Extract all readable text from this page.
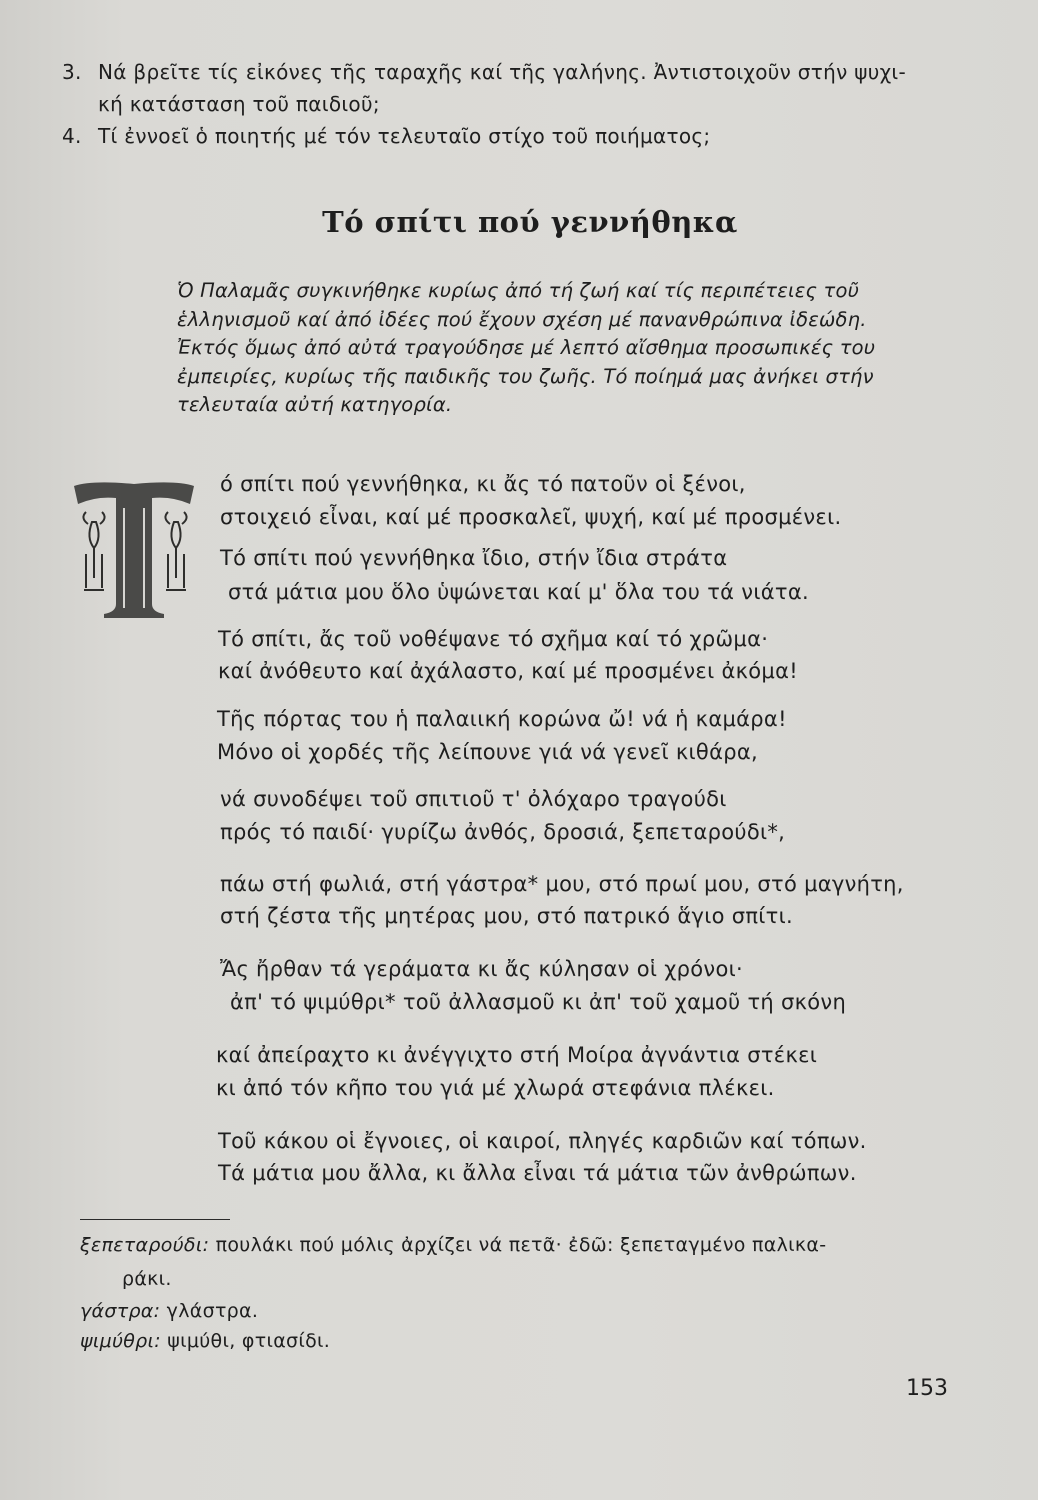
3. Νά βρεῖτε τίς εἰκόνες τῆς ταραχῆς καί τῆς γαλήνης. Ἀντιστοιχοῦν στήν ψυχι-
κή κατάσταση τοῦ παιδιοῦ;
4. Τί ἐννοεῖ ὁ ποιητής μέ τόν τελευταῖο στίχο τοῦ ποιήματος;
Τό σπίτι πού γεννήθηκα

Ὁ Παλαμᾶς συγκινήθηκε κυρίως ἀπό τή ζωή καί τίς περιπέτειες τοῦ

ἑλληνισμοῦ καί ἀπό ἰδέες πού ἔχουν σχέση μέ πανανθρώπινα ἰδεώδη.

Ἐκτός ὅμως ἀπό αὐτά τραγούδησε μέ λεπτό αἴσθημα προσωπικές του

ἐμπειρίες, κυρίως τῆς παιδικῆς του ζωῆς. Τό ποίημά μας ἀνήκει στήν

τελευταία αὐτή κατηγορία.

ό σπίτι πού γεννήθηκα, κι ἄς τό πατοῦν οἱ ξένοι,
στοιχειό εἶναι, καί μέ προσκαλεῖ, ψυχή, καί μέ προσμένει.
Τό σπίτι πού γεννήθηκα ἴδιο, στήν ἴδια στράτα
στά μάτια μου ὅλο ὑψώνεται καί μ' ὅλα του τά νιάτα.
Τό σπίτι, ἄς τοῦ νοθέψανε τό σχῆμα καί τό χρῶμα·
καί ἀνόθευτο καί ἀχάλαστο, καί μέ προσμένει ἀκόμα!
Τῆς πόρτας του ἡ παλαιική κορώνα ὤ! νά ἡ καμάρα!
Μόνο οἱ χορδές τῆς λείπουνε γιά νά γενεῖ κιθάρα,
νά συνοδέψει τοῦ σπιτιοῦ τ' ὀλόχαρο τραγούδι
πρός τό παιδί· γυρίζω ἀνθός, δροσιά, ξεπεταρούδι*,
πάω στή φωλιά, στή γάστρα* μου, στό πρωί μου, στό μαγνήτη,
στή ζέστα τῆς μητέρας μου, στό πατρικό ἅγιο σπίτι.
Ἄς ἤρθαν τά γεράματα κι ἄς κύλησαν οἱ χρόνοι·
ἀπ' τό ψιμύθρι* τοῦ ἀλλασμοῦ κι ἀπ' τοῦ χαμοῦ τή σκόνη
καί ἀπείραχτο κι ἀνέγγιχτο στή Μοίρα ἀγνάντια στέκει
κι ἀπό τόν κῆπο του γιά μέ χλωρά στεφάνια πλέκει.
Τοῦ κάκου οἱ ἔγνοιες, οἱ καιροί, πληγές καρδιῶν καί τόπων.
Τά μάτια μου ἄλλα, κι ἄλλα εἶναι τά μάτια τῶν ἀνθρώπων.
ξεπεταρούδι: πουλάκι πού μόλις ἀρχίζει νά πετᾶ· ἐδῶ: ξεπεταγμένο παλικα-
ράκι.
γάστρα: γλάστρα.
ψιμύθρι: ψιμύθι, φτιασίδι.
153
